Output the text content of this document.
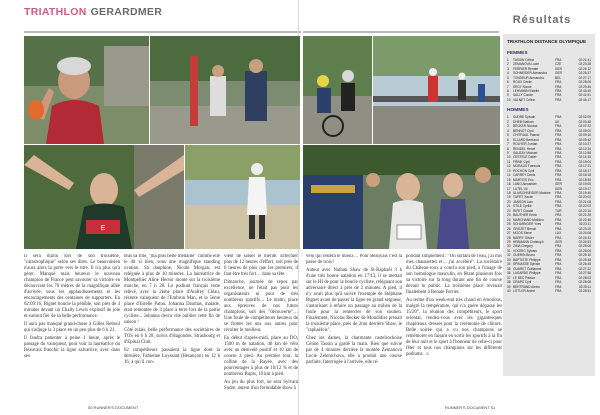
TRIATHLON GERARDMER
Résultats
E
TRIATHLON DISTANCE OLYMPIQUE
FEMMES
1	TASSIN Céline	FRA	02:21:41
2	ZEMANOVA Lucie	CZE	02:23:28
3	FERRIER Renate	GER	02:26:12
4	SCHNEIDER Alexandra	GER	02:26:37
5	TONDEUR Alexandra	BEL	02:27:17
6	ROUX Cécile	FRA	02:28:05
7	SEGY Nicole	FRA	02:29:46
8	LEHMANN Estelle	FRA	02:43:45
9	SALLY Carole	FRA	02:41:51
10 VALNET Céline	FRA	02:44:17
HOMMES
1	SUDRE Sylvain	FRA	02:02:09
2	DHEM Nathan	UK	02:03:48
3	BECKER Nicolas	FRA	02:07:32
4	BENNOT Cyril	FRA	02:09:00
5	CHITRAUL Pascal	FRA	02:09:16
6	ELLARD Bertrand	FRA	02:09:42
7	ROUYER Jordan	FRA	02:10:27
8	RENDEL Hervé	FRA	02:12:34
9	SAUZAY Michael	FRA	02:12:58
10 CESTELE Didier	FRA	02:14:18
11 FRINK Cyril	FRA	02:15:04
12 MORAUX Francois	FRA	02:17:21
13 POCHON Cyril	FRA	02:18:17
14 CARREY Denis	FRA	02:18:18
15 MARTEIS Eric	FRA	02:18:55
16 LANG Alexander	GER	02:19:05
17 LUTEL Uli	GER	02:19:17
18 ULMSCHNEIDER Maxime	FRA	02:19:49
19 TUPET Xavier	FRA	02:20:02
20 JANSON Lian	FRA	02:21:08
21 STILE Cyrille	FRA	02:22:03
22 RIFET Claude	TUR	02:22:16
23 BAUTHER Kevin	FRA	02:22:28
24 MARCHAND Mathieu	FRA	02:22:45
25 SCHARNGER Yves	FRA	02:23:11
26 GROZET Benoit	FRA	02:23:29
27 MOOS Steve	LUX	02:24:08
28 BARRY Olivier	FRA	02:24:31
29 HEBMANN Christoph	GER	02:24:53
30 ZIMA Gregory	FRA	02:25:06
31 VOGRIG Sylvain	FRA	02:25:06
32 GUERIN Bruno	FRA	02:25:16
33 BAPTISTE Philippe	FRA	02:25:48
34 SPINASSE Sylvain	FRA	02:26:45
35 GUARET Guillaume	FRA	02:27:22
36 LAGARDE Philippe	FRA	02:27:58
37 LE BEC Patrice	FRA	02:28:03
38 CRAPS Cyril	FRA	02:28:08
39 BERTRAND Alexis	FRA	02:28:11
40 LITTLER André	FRA	02:28:51

Il sera marin lors de son troisième, "catastrophique" selon ses dires. Le beauvaisien n'aura alors la porte vers le titre. Il n'a plus qu'à gérer. Manqué mais heureux le nouveau champion de France peut savourer sa victoire en découvrant les 70 mètres de la magnifique allée d'arrivée, sous les applaudissements et les encouragements des centaines de supporters. En 02:09:16, Bignet boucle la pénible, soit près de 4 minutes devant un Chally Lewis explosif de joie et surtout fier de sa belle performance.

Il aura pas manqué grand-chose à Gilles Reboul qui s'adjuge la 3 place en un peu plus de 6 h 21.

Il faudra patienter à peine 1 heure, après le passage du vainqueur, pour voir la lauréatrice du Beauvais franchir la ligne salvatrice, avec dans ses

bras sa fille, "ma plus belle médaille" comme elle le dit si bien, sous une magnifique standing ovation. Sa dauphine, Nicole Morgan, est reléguée à plus de 10 minutes. La lauréatrice de Montpellier Aline Hector monte sur la troisième marche, en 7 h 28. Le podium français reste relevé, avec la 2ème place d'Audrey Cléau, récente vainqueur de l'Embrun Man, et la 5ème place d'Estelle Patou. Johanna Daumas, malade, était remontée de 3 place à terre lors de la partie cycliste... Johanna devra vite oublier cette fin de saison !

Côté relais, belle performance des sociétaires de TOS en 6 h 28, suivis d'Hagondes, Strasbourg et d'Epinal Club.

62 compétiteurs passaient la ligne dont la dernière, Fabienne Luyssant (Besançon) en 12 h 16, à qui il con-

vient de saluer le mérite. Effectuer plus de 12 heures d'effort, soit près de 6 heures de plus que les premiers, il faut être très fort… dans sa tête.

Dimanche, journée de repos par excellence, ne l'était pas pour les organisateurs ni pour de très nombreux sportifs… Le matin, place aux épreuves de nos futurs champions, soit des "découverte"… Une foule de compétiteurs heureux de se frotter les uns aux autres pour récolter le meilleur.

En début d'après-midi, place au DO, 1500 m de natation, 40 km de vélo avec un dénivelé positif et 10 km de course à pied. Au premier tour, la colline de la Rayée, avec des pourcentages à plus de 10/12 % et de nombreux Rupts, 10 km à pied.

Au jeu du plus fort, ne sera Sylvain Sudre, auteur d'un formidable show à

vélo qui restera le mieux… Pour Beauvais c'est la passe de trois !

Auteur avec Nathan Shaw de St-Raphaël 3 h d'une très bonne natation en 17'43, il se mettait sur le HI de pour la boucle cycliste, reléguant son adversaire direct à près de 2 minutes. A pied, il n'y avait plus qu'à suivre l'exemple de Stéphane Bignet avant de passer la ligne en grand seigneur, s'autorisant à refaire un passage au milieu de la foule pour la remercier de son soutien. Finalement, Nicolas Becker de Mondidier prenait la troisième place, près de 2mn derrière Shaw, le "raphaëlois".

Chez les dames, la charmante castelrochoise Céline Tassin a gardé la main. Bien que suivie par de 4 minutes derrière la montée Zemanova Lucie Zelenichova, elle a produit une course parfaite. Interrogée à l'arrivée, elle ré-

pondait simplement : "On sortant de l'eau, j'ai mis mes chaussettes et… j'ai accéléré". La sociétaire du Château-roux a conclu son pied, à l'image de son homologue masculin, en fêtant plusieurs fois sa victoire sur la tong durant une fin de course devant le public. La troisième place revenait finalement à Renate Ferrier.

Au terme d'un week-end très chaud en émotions, malgré la température, qui n'a guère dépassé les 15/20°, la réunion des compétiteurs, le sport oriental, rendez-vous avec les gigantesques chapiteaux dressés pour la cérémonie de clôture. Belle soirée qui a vu nos champions se remémorer en faisant en sortir les sportifs à la fin de leur nuit et le sport à l'honneur de celle-ci pour fêter et tous nos champions sur les différents podiums. ☺

50 RUNNER'S DOCUMENT	RUNNER'S DOCUMENT 51
